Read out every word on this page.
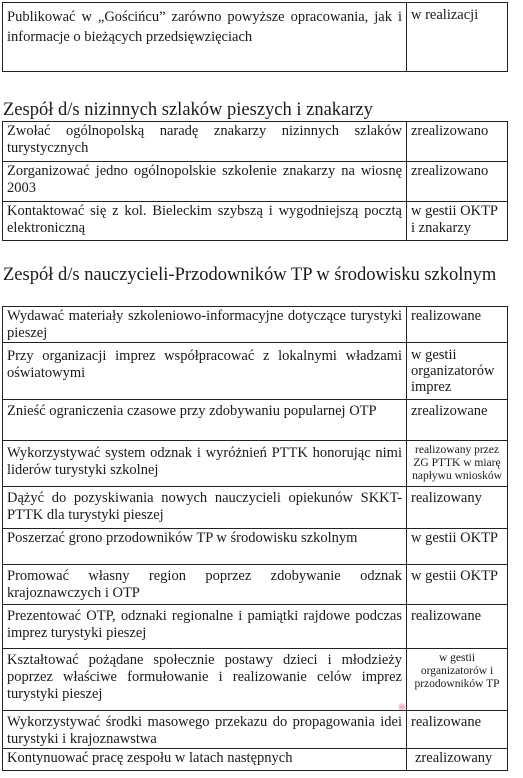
Publikować w „Gościńcu” zarówno powyższe opracowania, jak i informacje o bieżących przedsięwzięciach	w realizacji
Zespół d/s nizinnych szlaków pieszych i znakarzy
Zwołać ogólnopolską naradę znakarzy nizinnych szlaków turystycznych	zrealizowano
Zorganizować jedno ogólnopolskie szkolenie znakarzy na wiosnę 2003	zrealizowano
Kontaktować się z kol. Bieleckim szybszą i wygodniejszą pocztą elektroniczną	w gestii OKTP i znakarzy
Zespół d/s nauczycieli-Przodowników TP w środowisku szkolnym
Wydawać materiały szkoleniowo-informacyjne dotyczące turystyki pieszej	realizowane
Przy organizacji imprez współpracować z lokalnymi władzami oświatowymi	w gestii organizatorów imprez
Znieść ograniczenia czasowe przy zdobywaniu popularnej OTP	zrealizowane
Wykorzystywać system odznak i wyróżnień PTTK honorując nimi liderów turystyki szkolnej	realizowany przez ZG PTTK w miarę napływu wniosków
Dążyć do pozyskiwania nowych nauczycieli opiekunów SKKT-PTTK dla turystyki pieszej	realizowany
Poszerzać grono przodowników TP w środowisku szkolnym	w gestii OKTP
Promować własny region poprzez zdobywanie odznak krajoznawczych i OTP	w gestii OKTP
Prezentować OTP, odznaki regionalne i pamiątki rajdowe podczas imprez turystyki pieszej	realizowane
Kształtować pożądane społecznie postawy dzieci i młodzieży poprzez właściwe formułowanie i realizowanie celów imprez turystyki pieszej	w gestii organizatorów i przodowników TP
Wykorzystywać środki masowego przekazu do propagowania idei turystyki i krajoznawstwa	realizowane
Kontynuować pracę zespołu w latach następnych	zrealizowany
